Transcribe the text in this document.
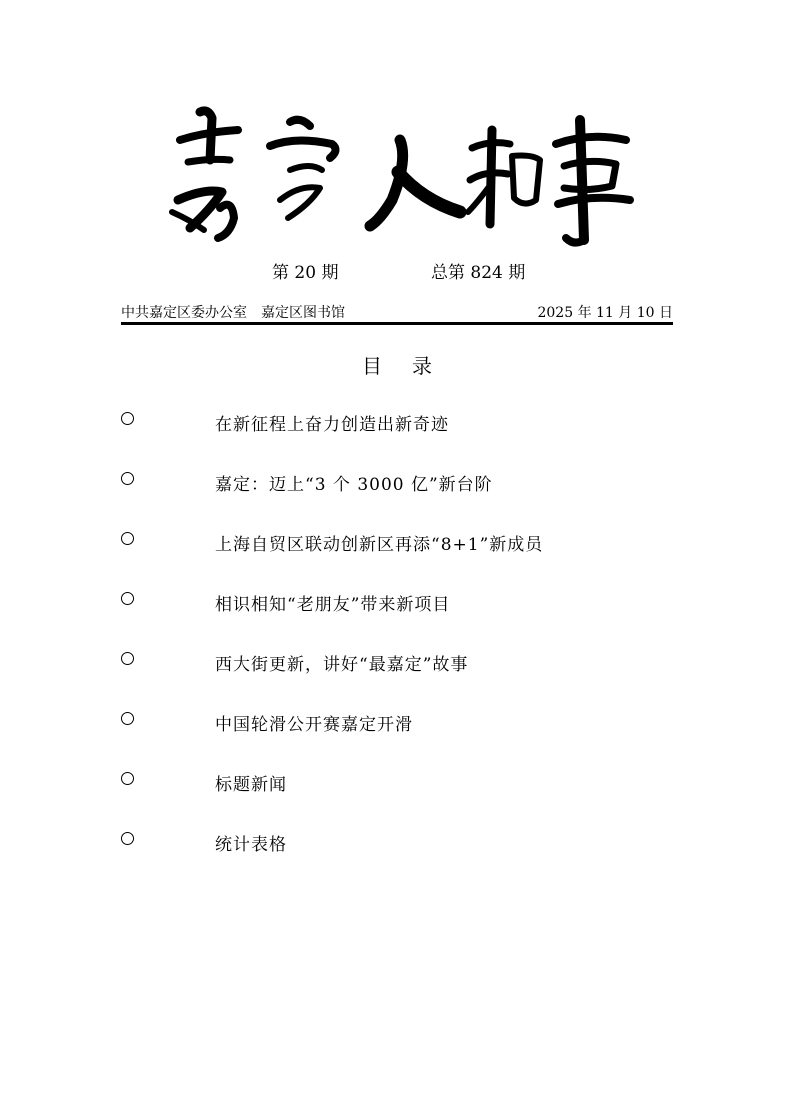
第 20 期	总第 824 期
中共嘉定区委办公室　嘉定区图书馆	2025 年 11 月 10 日
目录
在新征程上奋力创造出新奇迹
嘉定：迈上“3 个 3000 亿”新台阶
上海自贸区联动创新区再添“8+1”新成员
相识相知“老朋友”带来新项目
西大街更新，讲好“最嘉定”故事
中国轮滑公开赛嘉定开滑
标题新闻
统计表格
